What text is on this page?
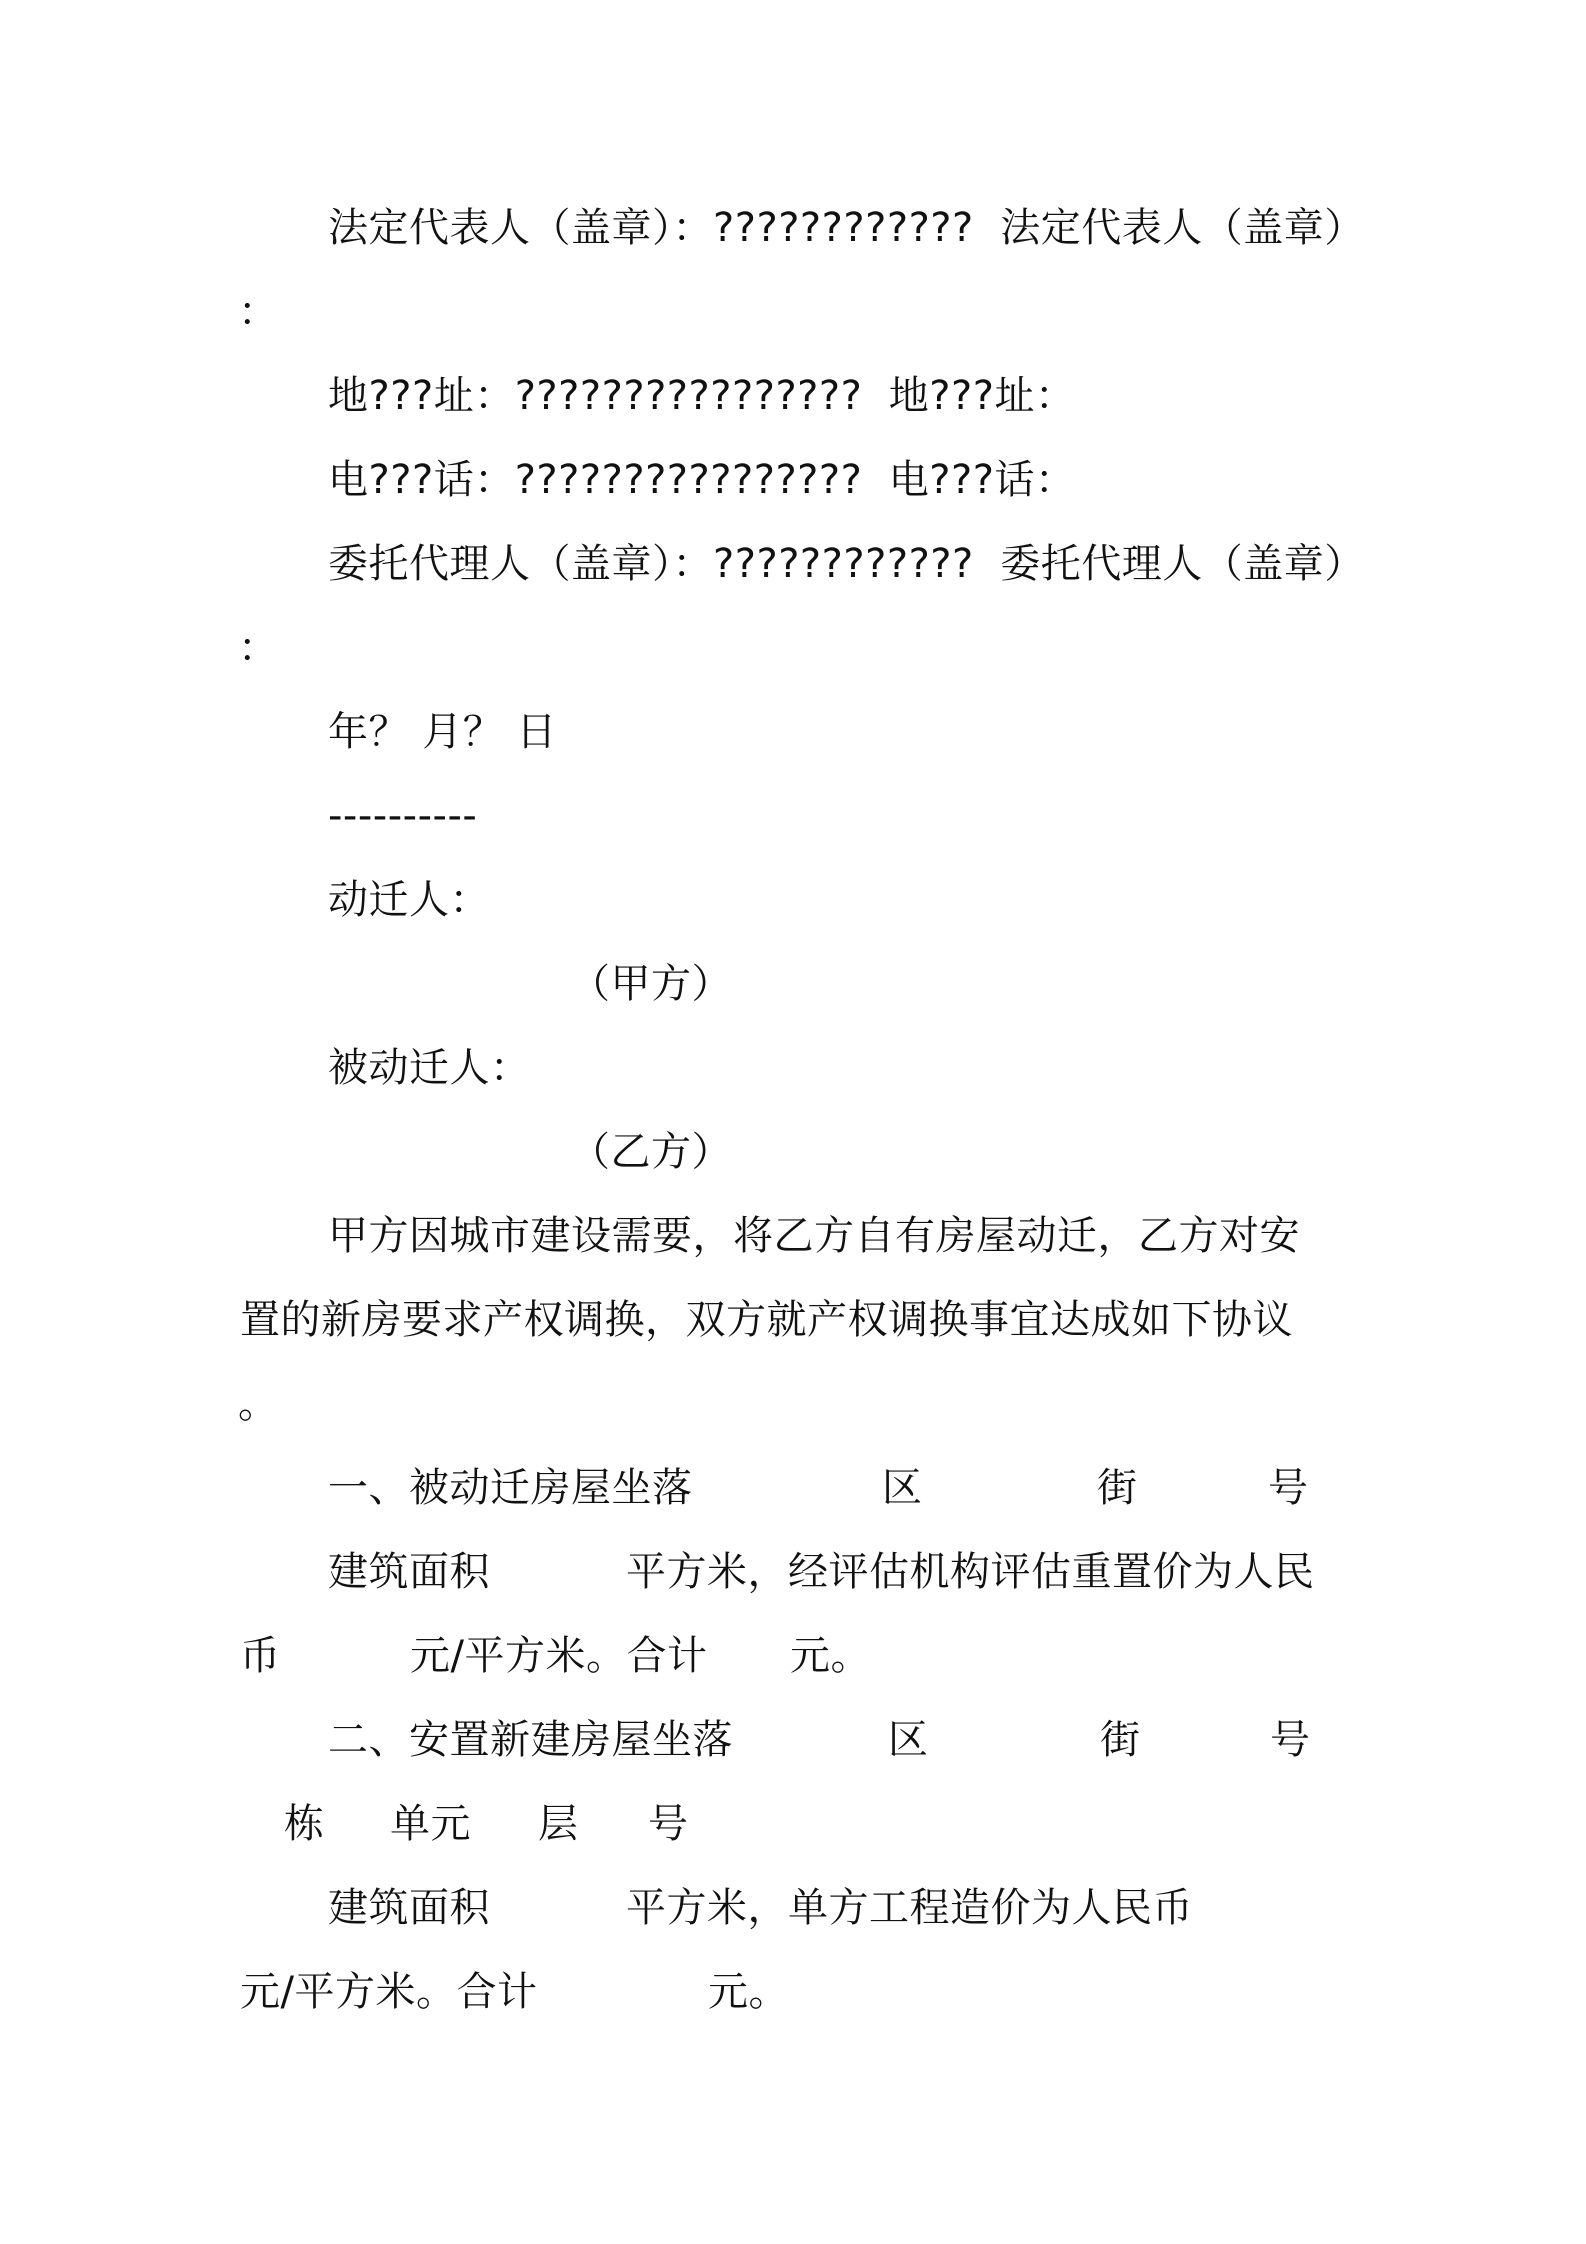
法定代表人（盖章）：????????????  法定代表人（盖章）
：
地???址：????????????????  地???址：
电???话：????????????????  电???话：
委托代理人（盖章）：????????????  委托代理人（盖章）
：
年？ 月？ 日
----------
动迁人：
（甲方）
被动迁人：
（乙方）
甲方因城市建设需要，将乙方自有房屋动迁，乙方对安
置的新房要求产权调换，双方就产权调换事宜达成如下协议
。
一、被动迁房屋坐落	区	街	号
建筑面积	平方米，经评估机构评估重置价为人民
币	元/平方米。合计 元。
二、安置新建房屋坐落	区	街	号
栋 单元 层 号
建筑面积	平方米，单方工程造价为人民币
元/平方米。合计	元。
